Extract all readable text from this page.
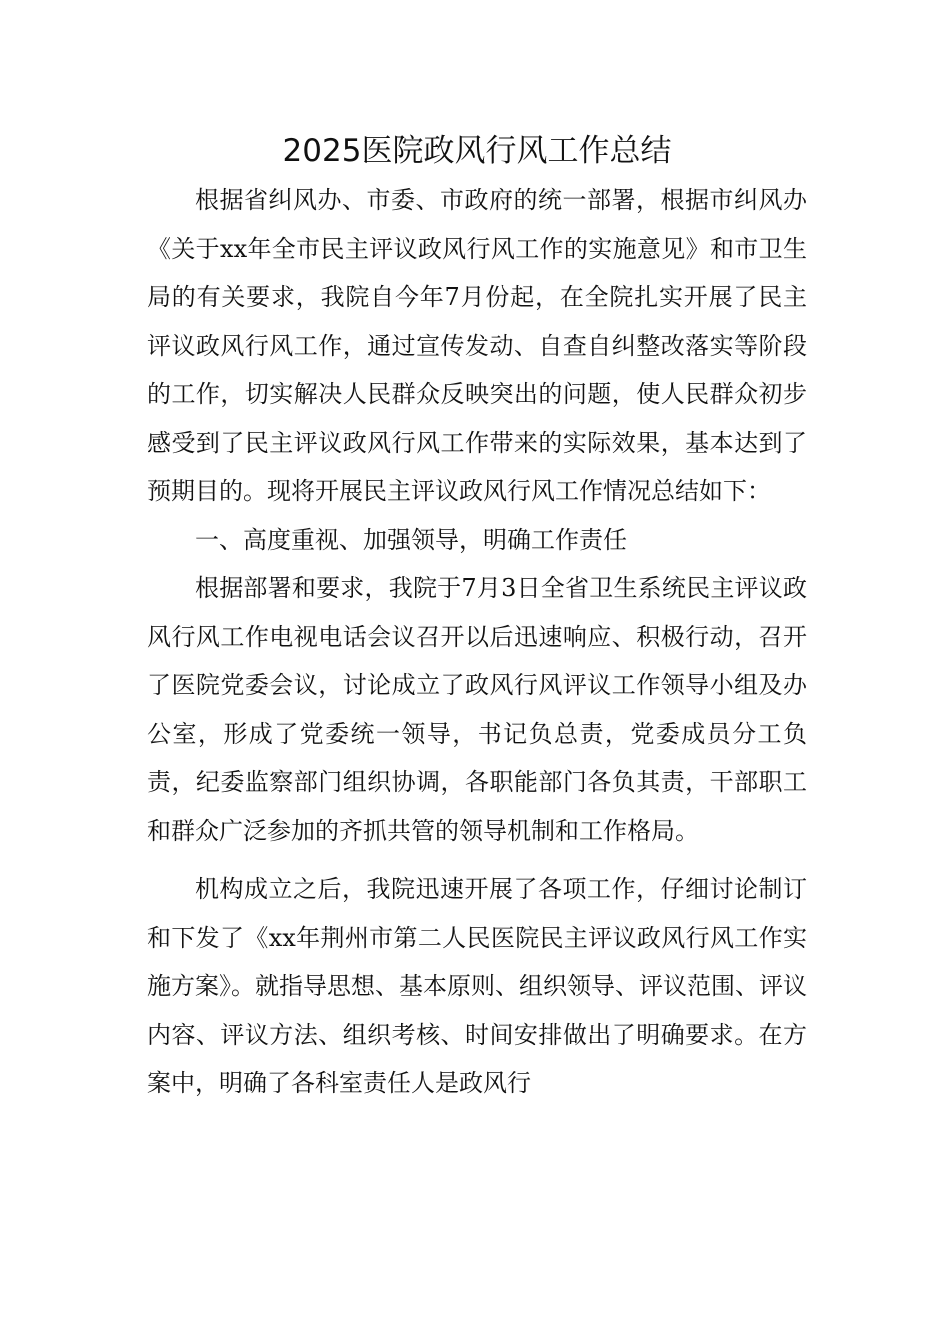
2025医院政风行风工作总结

根据省纠风办、市委、市政府的统一部署，根据市纠风办《关于xx年全市民主评议政风行风工作的实施意见》和市卫生局的有关要求，我院自今年7月份起，在全院扎实开展了民主评议政风行风工作，通过宣传发动、自查自纠整改落实等阶段的工作，切实解决人民群众反映突出的问题，使人民群众初步感受到了民主评议政风行风工作带来的实际效果，基本达到了预期目的。现将开展民主评议政风行风工作情况总结如下：

一、高度重视、加强领导，明确工作责任

根据部署和要求，我院于7月3日全省卫生系统民主评议政风行风工作电视电话会议召开以后迅速响应、积极行动，召开了医院党委会议，讨论成立了政风行风评议工作领导小组及办公室，形成了党委统一领导，书记负总责，党委成员分工负责，纪委监察部门组织协调，各职能部门各负其责，干部职工和群众广泛参加的齐抓共管的领导机制和工作格局。

机构成立之后，我院迅速开展了各项工作，仔细讨论制订和下发了《xx年荆州市第二人民医院民主评议政风行风工作实施方案》。就指导思想、基本原则、组织领导、评议范围、评议内容、评议方法、组织考核、时间安排做出了明确要求。在方案中，明确了各科室责任人是政风行
